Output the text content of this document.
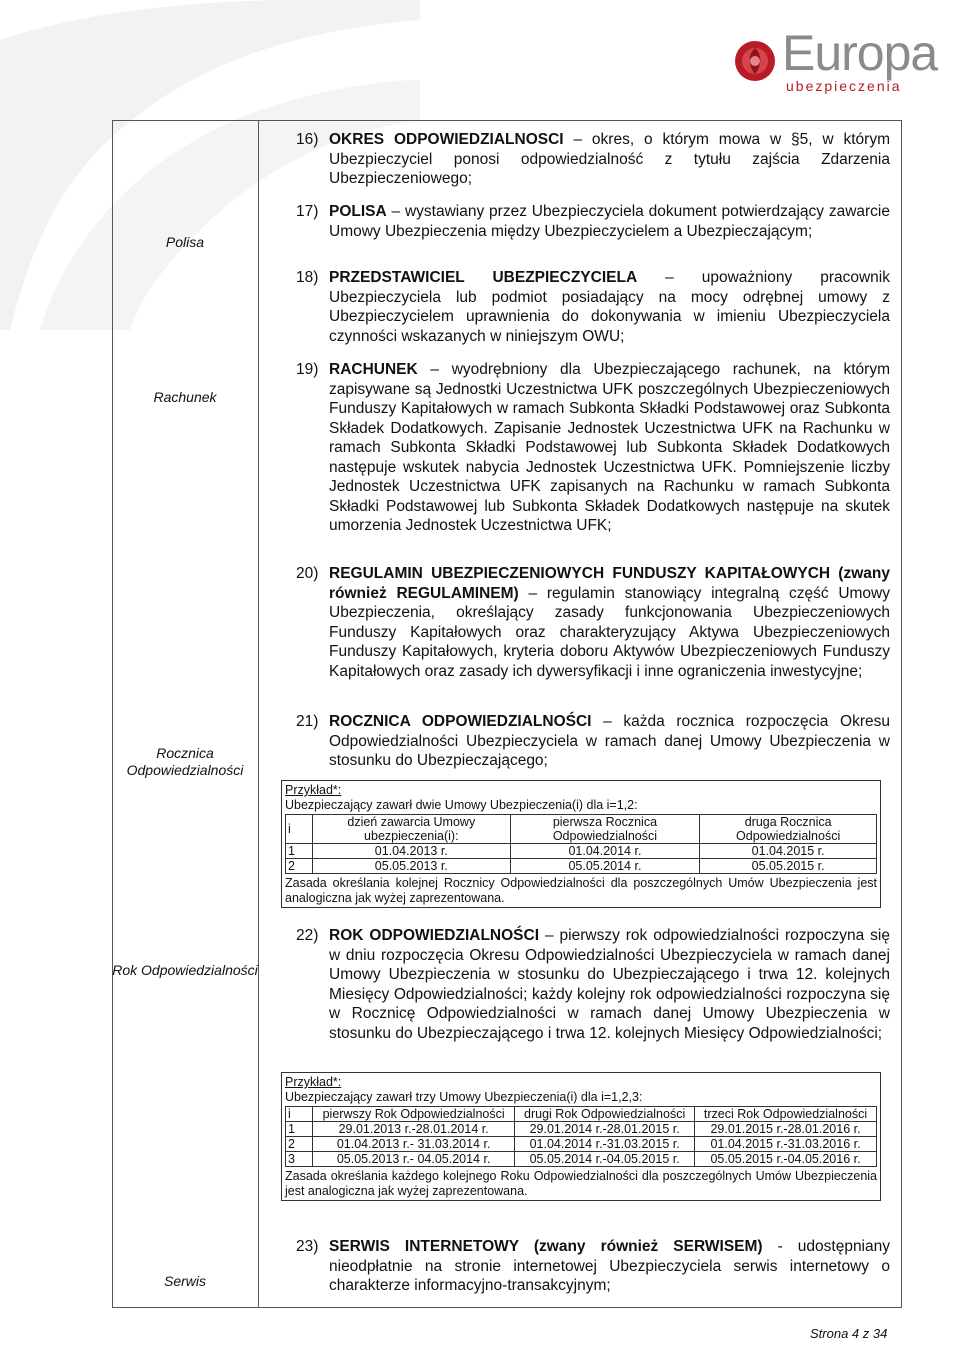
Europa
ubezpieczenia
Polisa
Rachunek
Rocznica Odpowiedzialności
Rok Odpowiedzialności
Serwis
16) OKRES ODPOWIEDZIALNOSCI – okres, o którym mowa w §5, w którym Ubezpieczyciel ponosi odpowiedzialność z tytułu zajścia Zdarzenia Ubezpieczeniowego;
17) POLISA – wystawiany przez Ubezpieczyciela dokument potwierdzający zawarcie Umowy Ubezpieczenia między Ubezpieczycielem a Ubezpieczającym;
18) PRZEDSTAWICIEL UBEZPIECZYCIELA – upoważniony pracownik Ubezpieczyciela lub podmiot posiadający na mocy odrębnej umowy z Ubezpieczycielem uprawnienia do dokonywania w imieniu Ubezpieczyciela czynności wskazanych w niniejszym OWU;
19) RACHUNEK – wyodrębniony dla Ubezpieczającego rachunek, na którym zapisywane są Jednostki Uczestnictwa UFK poszczególnych Ubezpieczeniowych Funduszy Kapitałowych w ramach Subkonta Składki Podstawowej oraz Subkonta Składek Dodatkowych. Zapisanie Jednostek Uczestnictwa UFK na Rachunku w ramach Subkonta Składki Podstawowej lub Subkonta Składek Dodatkowych następuje wskutek nabycia Jednostek Uczestnictwa UFK. Pomniejszenie liczby Jednostek Uczestnictwa UFK zapisanych na Rachunku w ramach Subkonta Składki Podstawowej lub Subkonta Składek Dodatkowych następuje na skutek umorzenia Jednostek Uczestnictwa UFK;
20) REGULAMIN UBEZPIECZENIOWYCH FUNDUSZY KAPITAŁOWYCH (zwany również REGULAMINEM) – regulamin stanowiący integralną część Umowy Ubezpieczenia, określający zasady funkcjonowania Ubezpieczeniowych Funduszy Kapitałowych oraz charakteryzujący Aktywa Ubezpieczeniowych Funduszy Kapitałowych, kryteria doboru Aktywów Ubezpieczeniowych Funduszy Kapitałowych oraz zasady ich dywersyfikacji i inne ograniczenia inwestycyjne;
21) ROCZNICA ODPOWIEDZIALNOŚCI – każda rocznica rozpoczęcia Okresu Odpowiedzialności Ubezpieczyciela w ramach danej Umowy Ubezpieczenia w stosunku do Ubezpieczającego;
Przykład*:
Ubezpieczający zawarł dwie Umowy Ubezpieczenia(i) dla i=1,2:
i	dzień zawarcia Umowy ubezpieczenia(i):	pierwsza Rocznica Odpowiedzialności	druga Rocznica Odpowiedzialności
1	01.04.2013 r.	01.04.2014 r.	01.04.2015 r.
2	05.05.2013 r.	05.05.2014 r.	05.05.2015 r.
Zasada określania kolejnej Rocznicy Odpowiedzialności dla poszczególnych Umów Ubezpieczenia jest analogiczna jak wyżej zaprezentowana.
22) ROK ODPOWIEDZIALNOŚCI – pierwszy rok odpowiedzialności rozpoczyna się w dniu rozpoczęcia Okresu Odpowiedzialności Ubezpieczyciela w ramach danej Umowy Ubezpieczenia w stosunku do Ubezpieczającego i trwa 12. kolejnych Miesięcy Odpowiedzialności; każdy kolejny rok odpowiedzialności rozpoczyna się w Rocznicę Odpowiedzialności w ramach danej Umowy Ubezpieczenia w stosunku do Ubezpieczającego i trwa 12. kolejnych Miesięcy Odpowiedzialności;
Przykład*:
Ubezpieczający zawarł trzy Umowy Ubezpieczenia(i) dla i=1,2,3:
i	pierwszy Rok Odpowiedzialności	drugi Rok Odpowiedzialności	trzeci Rok Odpowiedzialności
1	29.01.2013 r.-28.01.2014 r.	29.01.2014 r.-28.01.2015 r.	29.01.2015 r.-28.01.2016 r.
2	01.04.2013 r.- 31.03.2014 r.	01.04.2014 r.-31.03.2015 r.	01.04.2015 r.-31.03.2016 r.
3	05.05.2013 r.- 04.05.2014 r.	05.05.2014 r.-04.05.2015 r.	05.05.2015 r.-04.05.2016 r.
Zasada określania każdego kolejnego Roku Odpowiedzialności dla poszczególnych Umów Ubezpieczenia jest analogiczna jak wyżej zaprezentowana.
23) SERWIS INTERNETOWY (zwany również SERWISEM) - udostępniany nieodpłatnie na stronie internetowej Ubezpieczyciela serwis internetowy o charakterze informacyjno-transakcyjnym;
Strona 4 z 34
